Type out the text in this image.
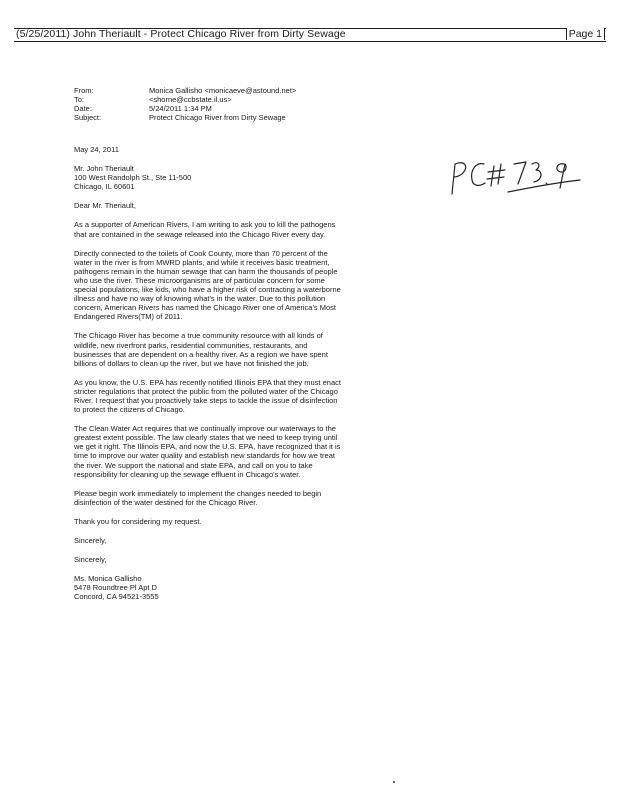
(5/25/2011) John Theriault - Protect Chicago River from Dirty Sewage	Page 1
From:	Monica Gallisho <monicaeve@astound.net>
To:	<shorne@ccbstate.il.us>
Date:	5/24/2011 1:34 PM
Subject:	Protect Chicago River from Dirty Sewage

May 24, 2011

Mr. John Theriault
100 West Randolph St., Ste 11-500
Chicago, IL 60601

Dear Mr. Theriault,

As a supporter of American Rivers, I am writing to ask you to kill the pathogens that are contained in the sewage released into the Chicago River every day.

Directly connected to the toilets of Cook County, more than 70 percent of the water in the river is from MWRD plants, and while it receives basic treatment, pathogens remain in the human sewage that can harm the thousands of people who use the river. These microorganisms are of particular concern for some special populations, like kids, who have a higher risk of contracting a waterborne illness and have no way of knowing what's in the water. Due to this pollution concern, American Rivers has named the Chicago River one of America's Most Endangered Rivers(TM) of 2011.

The Chicago River has become a true community resource with all kinds of wildlife, new riverfront parks, residential communities, restaurants, and businesses that are dependent on a healthy river. As a region we have spent billions of dollars to clean up the river, but we have not finished the job.

As you know, the U.S. EPA has recently notified Illinois EPA that they must enact stricter regulations that protect the public from the polluted water of the Chicago River. I request that you proactively take steps to tackle the issue of disinfection to protect the citizens of Chicago.

The Clean Water Act requires that we continually improve our waterways to the greatest extent possible. The law clearly states that we need to keep trying until we get it right. The Illinois EPA, and now the U.S. EPA, have recognized that it is time to improve our water quality and establish new standards for how we treat the river. We support the national and state EPA, and call on you to take responsibility for cleaning up the sewage effluent in Chicago's water.

Please begin work immediately to implement the changes needed to begin disinfection of the water destined for the Chicago River.

Thank you for considering my request.

Sincerely,

Sincerely,

Ms. Monica Gallisho
5478 Roundtree Pl Apt D
Concord, CA 94521-3555
